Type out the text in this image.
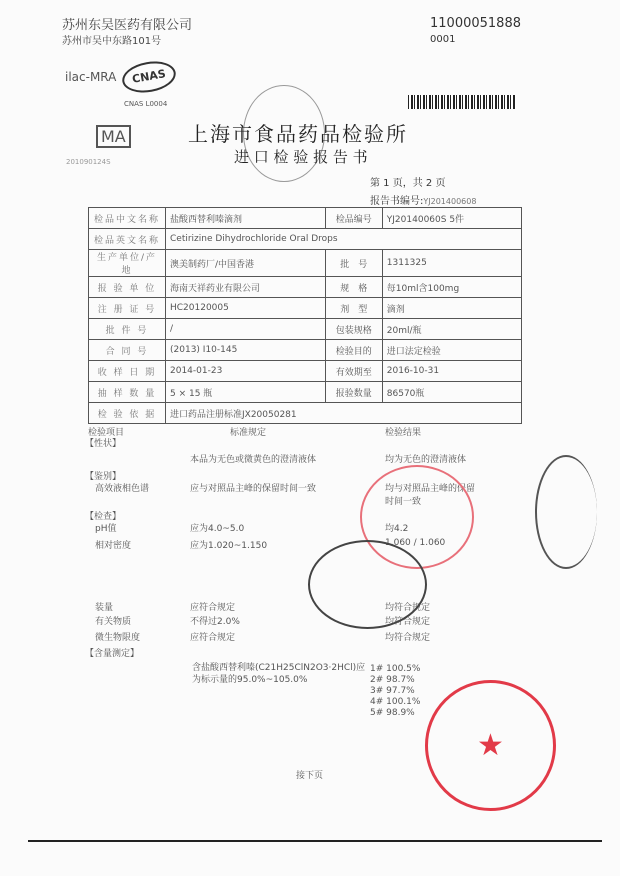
苏州东吴医药有限公司
苏州市吴中东路101号
11000051888
0001
ilac-MRA	CNAS
CNAS L0004
MA
201090124S
上海市食品药品检验所
进 口 检 验 报 告 书
第 1 页，共 2 页
报告书编号:YJ201400608
检品中文名称	盐酸西替利嗪滴剂	检品编号	YJ20140060S 5件
检品英文名称	Cetirizine Dihydrochloride Oral Drops		
生产单位/产地	澳美制药厂/中国香港	批　号	1311325
报 验 单 位	海南天祥药业有限公司	规　格	每10ml含100mg
注 册 证 号	HC20120005	剂　型	滴剂
批 件 号	/	包装规格	20ml/瓶
合 同 号	(2013) I10-145	检验目的	进口法定检验
收 样 日 期	2014-01-23	有效期至	2016-10-31
抽 样 数 量	5 × 15 瓶	报验数量	86570瓶
检 验 依 据	进口药品注册标准JX20050281		
检验项目	标准规定	检验结果
【性状】
本品为无色或微黄色的澄清液体	均为无色的澄清液体
【鉴别】
高效液相色谱	应与对照品主峰的保留时间一致	均与对照品主峰的保留时间一致
【检查】
pH值	应为4.0~5.0	均4.2
相对密度	应为1.020~1.150	1.060 / 1.060
装量	应符合规定	均符合规定
有关物质	不得过2.0%	均符合规定
微生物限度	应符合规定	均符合规定
【含量测定】
含盐酸西替利嗪(C21H25ClN2O3·2HCl)应为标示量的95.0%~105.0%
1# 100.5%
2# 98.7%
3# 97.7%
4# 100.1%
5# 98.9%
★
接下页
